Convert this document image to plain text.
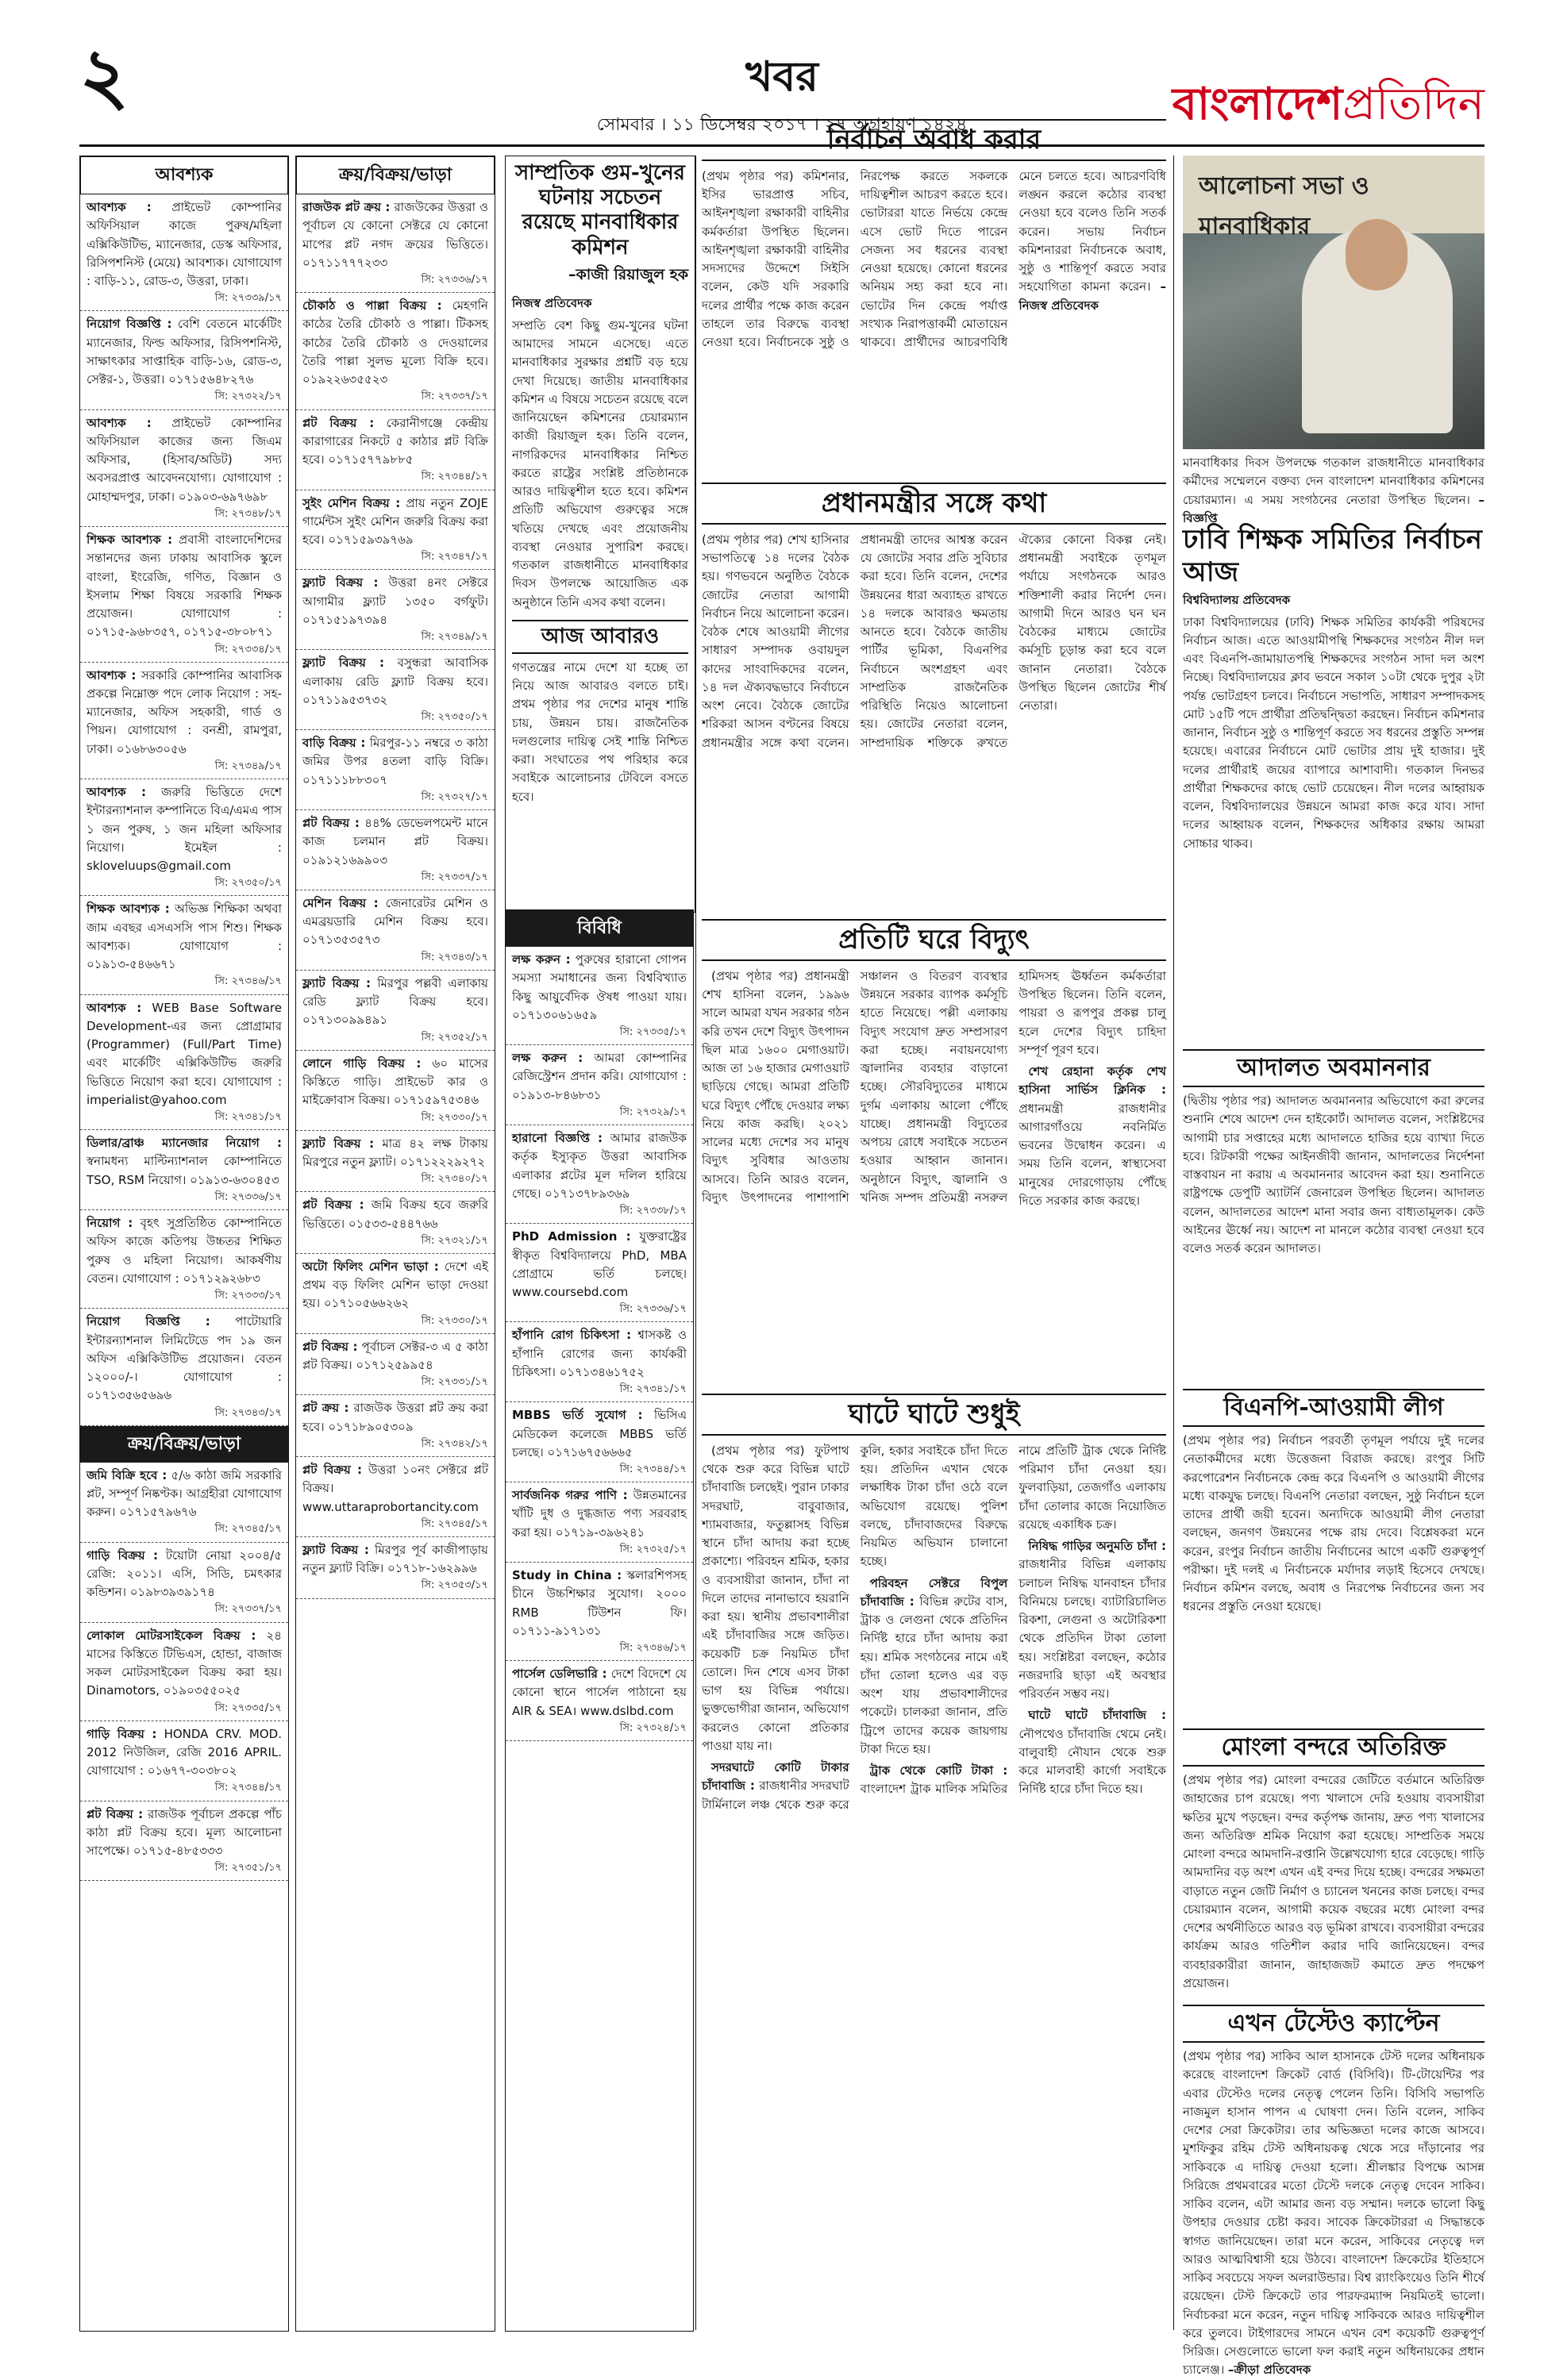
২	খবর
সোমবার । ১১ ডিসেম্বর ২০১৭ । ২৭ অগ্রহায়ণ ১৪২৪	বাংলাদেশপ্রতিদিন
আবশ্যক
আবশ্যক : প্রাইভেট কোম্পানির অফিসিয়াল কাজে পুরুষ/মহিলা এক্সিকিউটিভ, ম্যানেজার, ডেস্ক অফিসার, রিসিপশনিস্ট (মেয়ে) আবশ্যক। যোগাযোগ : বাড়ি-১১, রোড-৩, উত্তরা, ঢাকা।
সি: ২৭৩৩৯/১৭
নিয়োগ বিজ্ঞপ্তি : বেশি বেতনে মার্কেটিং ম্যানেজার, ফিল্ড অফিসার, রিসিপশনিস্ট, সাক্ষাৎকার সাপ্তাহিক বাড়ি-১৬, রোড-৩, সেক্টর-১, উত্তরা। ০১৭১৫৬৪৮২৭৬
সি: ২৭৩২২/১৭
আবশ্যক : প্রাইভেট কোম্পানির অফিসিয়াল কাজের জন্য জিএম অফিসার, (হিসাব/অডিট) সদ্য অবসরপ্রাপ্ত আবেদনযোগ্য। যোগাযোগ : মোহাম্মদপুর, ঢাকা। ০১৯০৩-৬৯৭৬৯৮
সি: ২৭৩৪৮/১৭
শিক্ষক আবশ্যক : প্রবাসী বাংলাদেশিদের সন্তানদের জন্য ঢাকায় আবাসিক স্কুলে বাংলা, ইংরেজি, গণিত, বিজ্ঞান ও ইসলাম শিক্ষা বিষয়ে সরকারি শিক্ষক প্রয়োজন। যোগাযোগ : ০১৭১৫-৯৬৮৩৫৭, ০১৭১৫-৩৮০৮৭১
সি: ২৭৩৩৪/১৭
আবশ্যক : সরকারি কোম্পানির আবাসিক প্রকল্পে নিম্নোক্ত পদে লোক নিয়োগ : সহ-ম্যানেজার, অফিস সহকারী, গার্ড ও পিয়ন। যোগাযোগ : বনশ্রী, রামপুরা, ঢাকা। ০১৬৮৬৩০৫৬
সি: ২৭৩৪৯/১৭
আবশ্যক : জরুরি ভিত্তিতে দেশে ইন্টারন্যাশনাল কম্পানিতে বিএ/এমএ পাস ১ জন পুরুষ, ১ জন মহিলা অফিসার নিয়োগ। ইমেইল : skloveluups@gmail.com
সি: ২৭৩৫০/১৭
শিক্ষক আবশ্যক : অভিজ্ঞ শিক্ষিকা অথবা জাম এবছর এসএসসি পাস শিশু। শিক্ষক আবশ্যক। যোগাযোগ : ০১৯১৩-৫৪৬৬৭১
সি: ২৭৩৪৬/১৭
আবশ্যক : WEB Base Software Development-এর জন্য প্রোগ্রামার (Programmer) (Full/Part Time) এবং মার্কেটিং এক্সিকিউটিভ জরুরি ভিত্তিতে নিয়োগ করা হবে। যোগাযোগ : imperialist@yahoo.com
সি: ২৭৩৪১/১৭
ডিলার/ব্রাঞ্চ ম্যানেজার নিয়োগ : স্বনামধন্য মাল্টিন্যাশনাল কোম্পানিতে TSO, RSM নিয়োগ। ০১৯১৩-৬৩০৪৫৩
সি: ২৭৩৩৬/১৭
নিয়োগ : বৃহৎ সুপ্রতিষ্ঠিত কোম্পানিতে অফিস কাজে কতিপয় উচ্চতর শিক্ষিত পুরুষ ও মহিলা নিয়োগ। আকর্ষণীয় বেতন। যোগাযোগ : ০১৭১২৯২৬৮৩
সি: ২৭৩৩৩/১৭
নিয়োগ বিজ্ঞপ্তি : পাটোয়ারি ইন্টারন্যাশনাল লিমিটেডে পদ ১৯ জন অফিস এক্সিকিউটিভ প্রয়োজন। বেতন ১২০০০/-। যোগাযোগ : ০১৭১৩৫৬৫৬৯৬
সি: ২৭৩৪৩/১৭
ক্রয়/বিক্রয়/ভাড়া
জমি বিক্রি হবে : ৫/৬ কাঠা জমি সরকারি প্লট, সম্পূর্ণ নিষ্কণ্টক। আগ্রহীরা যোগাযোগ করুন। ০১৭১৫৭৯৬৭৬
সি: ২৭৩৪৫/১৭
গাড়ি বিক্রয় : টয়োটা নোয়া ২০০৪/৫ রেজি: ২০১১। এসি, সিডি, চমৎকার কন্ডিশন। ০১৯৮৩৯৩৯১৭৪
সি: ২৭৩৩৭/১৭
লোকাল মোটরসাইকেল বিক্রয় : ২৪ মাসের কিস্তিতে টিভিএস, হোন্ডা, বাজাজ সকল মোটরসাইকেল বিক্রয় করা হয়। Dinamotors, ০১৯০৩৫৫০২৫
সি: ২৭৩৩৫/১৭
গাড়ি বিক্রয় : HONDA CRV. MOD. 2012 নিউজিল, রেজি 2016 APRIL. যোগাযোগ : ০১৬৭৭-৩০৩৮০২
সি: ২৭৩৪৪/১৭
প্লট বিক্রয় : রাজউক পূর্বাচল প্রকল্পে পাঁচ কাঠা প্লট বিক্রয় হবে। মূল্য আলোচনা সাপেক্ষে। ০১৭১৫-৪৮৫৩৩৩
সি: ২৭৩৫১/১৭
ক্রয়/বিক্রয়/ভাড়া
রাজউক প্লট ক্রয় : রাজউকের উত্তরা ও পূর্বাচল যে কোনো সেক্টরে যে কোনো মাপের প্লট নগদ ক্রয়ের ভিত্তিতে। ০১৭১১৭৭৭২৩৩
সি: ২৭৩৩৬/১৭
চৌকাঠ ও পাল্লা বিক্রয় : মেহগনি কাঠের তৈরি চৌকাঠ ও পাল্লা। টিকসহ কাঠের তৈরি চৌকাঠ ও দেওয়ালের তৈরি পাল্লা সুলভ মূল্যে বিক্রি হবে। ০১৯২২৬৩৫৫২৩
সি: ২৭৩৩৭/১৭
প্লট বিক্রয় : কেরানীগঞ্জে কেন্দ্রীয় কারাগারের নিকটে ৫ কাঠার প্লট বিক্রি হবে। ০১৭১৫৭৭৯৮৮৫
সি: ২৭৩৪৪/১৭
সুইং মেশিন বিক্রয় : প্রায় নতুন ZOJE গার্মেন্টস সুইং মেশিন জরুরি বিক্রয় করা হবে। ০১৭১৫৯৩৯৭৬৯
সি: ২৭৩৪৭/১৭
ফ্ল্যাট বিক্রয় : উত্তরা ৪নং সেক্টরে আগামীর ফ্ল্যাট ১৩৫০ বর্গফুট। ০১৭১৫১৯৭৩৯৪
সি: ২৭৩৪৯/১৭
ফ্ল্যাট বিক্রয় : বসুন্ধরা আবাসিক এলাকায় রেডি ফ্ল্যাট বিক্রয় হবে। ০১৭১১৯৫৩৭৩২
সি: ২৭৩৫০/১৭
বাড়ি বিক্রয় : মিরপুর-১১ নম্বরে ৩ কাঠা জমির উপর ৪তলা বাড়ি বিক্রি। ০১৭১১১৮৮৩০৭
সি: ২৭৩২৭/১৭
প্লট বিক্রয় : ৪৪% ডেভেলপমেন্ট মানে কাজ চলমান প্লট বিক্রয়। ০১৯১২১৬৯৯০৩
সি: ২৭৩৩৭/১৭
মেশিন বিক্রয় : জেনারেটর মেশিন ও এমব্রয়ডারি মেশিন বিক্রয় হবে। ০১৭১৩৫৩৫৭৩
সি: ২৭৩৪৩/১৭
ফ্ল্যাট বিক্রয় : মিরপুর পল্লবী এলাকায় রেডি ফ্ল্যাট বিক্রয় হবে। ০১৭১৩০৯৯৪৯১
সি: ২৭৩৫২/১৭
লোনে গাড়ি বিক্রয় : ৬০ মাসের কিস্তিতে গাড়ি। প্রাইভেট কার ও মাইক্রোবাস বিক্রয়। ০১৭১৫৯৭৫৩৪৬
সি: ২৭৩৩০/১৭
ফ্ল্যাট বিক্রয় : মাত্র ৪২ লক্ষ টাকায় মিরপুরে নতুন ফ্ল্যাট। ০১৭১২২২৯২৭২
সি: ২৭৩৪০/১৭
প্লট বিক্রয় : জমি বিক্রয় হবে জরুরি ভিত্তিতে। ০১৫৩৩-৫৪৪৭৬৬
সি: ২৭৩২১/১৭
অটো ফিলিং মেশিন ভাড়া : দেশে এই প্রথম বড় ফিলিং মেশিন ভাড়া দেওয়া হয়। ০১৭১০৫৬৬২৬২
সি: ২৭৩৩০/১৭
প্লট বিক্রয় : পূর্বাচল সেক্টর-৩ এ ৫ কাঠা প্লট বিক্রয়। ০১৭১২৫৯৯৫৪
সি: ২৭৩৩১/১৭
প্লট ক্রয় : রাজউক উত্তরা প্লট ক্রয় করা হবে। ০১৭১৮৯০৫৩০৯
সি: ২৭৩৪২/১৭
প্লট বিক্রয় : উত্তরা ১০নং সেক্টরে প্লট বিক্রয়। www.uttaraprobortancity.com
সি: ২৭৩৪৫/১৭
ফ্ল্যাট বিক্রয় : মিরপুর পূর্ব কাজীপাড়ায় নতুন ফ্ল্যাট বিক্রি। ০১৭১৮-১৬২৯৯৬
সি: ২৭৩৫৩/১৭
সাম্প্রতিক গুম-খুনের ঘটনায় সচেতন রয়েছে মানবাধিকার কমিশন
–কাজী রিয়াজুল হক
নিজস্ব প্রতিবেদক
সম্প্রতি বেশ কিছু গুম-খুনের ঘটনা আমাদের সামনে এসেছে। এতে মানবাধিকার সুরক্ষার প্রশ্নটি বড় হয়ে দেখা দিয়েছে। জাতীয় মানবাধিকার কমিশন এ বিষয়ে সচেতন রয়েছে বলে জানিয়েছেন কমিশনের চেয়ারম্যান কাজী রিয়াজুল হক। তিনি বলেন, নাগরিকদের মানবাধিকার নিশ্চিত করতে রাষ্ট্রের সংশ্লিষ্ট প্রতিষ্ঠানকে আরও দায়িত্বশীল হতে হবে। কমিশন প্রতিটি অভিযোগ গুরুত্বের সঙ্গে খতিয়ে দেখছে এবং প্রয়োজনীয় ব্যবস্থা নেওয়ার সুপারিশ করছে। গতকাল রাজধানীতে মানবাধিকার দিবস উপলক্ষে আয়োজিত এক অনুষ্ঠানে তিনি এসব কথা বলেন।
আজ আবারও
গণতন্ত্রের নামে দেশে যা হচ্ছে তা নিয়ে আজ আবারও বলতে চাই। প্রথম পৃষ্ঠার পর দেশের মানুষ শান্তি চায়, উন্নয়ন চায়। রাজনৈতিক দলগুলোর দায়িত্ব সেই শান্তি নিশ্চিত করা। সংঘাতের পথ পরিহার করে সবাইকে আলোচনার টেবিলে বসতে হবে।
বিবিধি
লক্ষ করুন : পুরুষের হারানো গোপন সমস্যা সমাধানের জন্য বিশ্ববিখ্যাত কিছু আয়ুর্বেদিক ঔষধ পাওয়া যায়। ০১৭১৩০৬১৬৫৯
সি: ২৭৩৩৫/১৭
লক্ষ করুন : আমরা কোম্পানির রেজিস্ট্রেশন প্রদান করি। যোগাযোগ : ০১৯১৩-৮৪৬৮৩১
সি: ২৭৩২৯/১৭
হারানো বিজ্ঞপ্তি : আমার রাজউক কর্তৃক ইস্যুকৃত উত্তরা আবাসিক এলাকার প্লটের মূল দলিল হারিয়ে গেছে। ০১৭১৩৭৮৯৩৬৯
সি: ২৭৩৩৮/১৭
PhD Admission : যুক্তরাষ্ট্রের স্বীকৃত বিশ্ববিদ্যালয়ে PhD, MBA প্রোগ্রামে ভর্তি চলছে। www.coursebd.com
সি: ২৭৩৩৬/১৭
হাঁপানি রোগ চিকিৎসা : শ্বাসকষ্ট ও হাঁপানি রোগের জন্য কার্যকরী চিকিৎসা। ০১৭১৩৪৬১৭৫২
সি: ২৭৩৪১/১৭
MBBS ভর্তি সুযোগ : ভিসিএ মেডিকেল কলেজে MBBS ভর্তি চলছে। ০১৭১৬৭৫৬৬৬৫
সি: ২৭৩৪৪/১৭
সার্বজনিক গরুর পাণি : উন্নতমানের খাঁটি দুধ ও দুগ্ধজাত পণ্য সরবরাহ করা হয়। ০১৭১৯-৩৯৬২৪১
সি: ২৭৩২৫/১৭
Study in China : স্কলারশিপসহ চীনে উচ্চশিক্ষার সুযোগ। ২০০০ RMB টিউশন ফি। ০১৭১১-৯১৭১৩১
সি: ২৭৩৪৬/১৭
পার্সেল ডেলিভারি : দেশে বিদেশে যে কোনো স্থানে পার্সেল পাঠানো হয় AIR & SEA। www.dslbd.com
সি: ২৭৩২৪/১৭
নির্বাচন অবাধ করার
(প্রথম পৃষ্ঠার পর) কমিশনার, ইসির ভারপ্রাপ্ত সচিব, আইনশৃঙ্খলা রক্ষাকারী বাহিনীর কর্মকর্তারা উপস্থিত ছিলেন। আইনশৃঙ্খলা রক্ষাকারী বাহিনীর সদস্যদের উদ্দেশে সিইসি বলেন, কেউ যদি সরকারি দলের প্রার্থীর পক্ষে কাজ করেন তাহলে তার বিরুদ্ধে ব্যবস্থা নেওয়া হবে। নির্বাচনকে সুষ্ঠু ও নিরপেক্ষ করতে সকলকে দায়িত্বশীল আচরণ করতে হবে। ভোটাররা যাতে নির্ভয়ে কেন্দ্রে এসে ভোট দিতে পারেন সেজন্য সব ধরনের ব্যবস্থা নেওয়া হয়েছে। কোনো ধরনের অনিয়ম সহ্য করা হবে না। ভোটের দিন কেন্দ্রে পর্যাপ্ত সংখ্যক নিরাপত্তাকর্মী মোতায়েন থাকবে। প্রার্থীদের আচরণবিধি মেনে চলতে হবে। আচরণবিধি লঙ্ঘন করলে কঠোর ব্যবস্থা নেওয়া হবে বলেও তিনি সতর্ক করেন। সভায় নির্বাচন কমিশনাররা নির্বাচনকে অবাধ, সুষ্ঠু ও শান্তিপূর্ণ করতে সবার সহযোগিতা কামনা করেন। –নিজস্ব প্রতিবেদক
প্রধানমন্ত্রীর সঙ্গে কথা
(প্রথম পৃষ্ঠার পর) শেখ হাসিনার সভাপতিত্বে ১৪ দলের বৈঠক হয়। গণভবনে অনুষ্ঠিত বৈঠকে জোটের নেতারা আগামী নির্বাচন নিয়ে আলোচনা করেন। বৈঠক শেষে আওয়ামী লীগের সাধারণ সম্পাদক ওবায়দুল কাদের সাংবাদিকদের বলেন, ১৪ দল ঐক্যবদ্ধভাবে নির্বাচনে অংশ নেবে। বৈঠকে জোটের শরিকরা আসন বণ্টনের বিষয়ে প্রধানমন্ত্রীর সঙ্গে কথা বলেন। প্রধানমন্ত্রী তাদের আশ্বস্ত করেন যে জোটের সবার প্রতি সুবিচার করা হবে। তিনি বলেন, দেশের উন্নয়নের ধারা অব্যাহত রাখতে ১৪ দলকে আবারও ক্ষমতায় আনতে হবে। বৈঠকে জাতীয় পার্টির ভূমিকা, বিএনপির নির্বাচনে অংশগ্রহণ এবং সাম্প্রতিক রাজনৈতিক পরিস্থিতি নিয়েও আলোচনা হয়। জোটের নেতারা বলেন, সাম্প্রদায়িক শক্তিকে রুখতে ঐক্যের কোনো বিকল্প নেই। প্রধানমন্ত্রী সবাইকে তৃণমূল পর্যায়ে সংগঠনকে আরও শক্তিশালী করার নির্দেশ দেন। আগামী দিনে আরও ঘন ঘন বৈঠকের মাধ্যমে জোটের কর্মসূচি চূড়ান্ত করা হবে বলে জানান নেতারা। বৈঠকে উপস্থিত ছিলেন জোটের শীর্ষ নেতারা।
প্রতিটি ঘরে বিদ্যুৎ

(প্রথম পৃষ্ঠার পর) প্রধানমন্ত্রী শেখ হাসিনা বলেন, ১৯৯৬ সালে আমরা যখন সরকার গঠন করি তখন দেশে বিদ্যুৎ উৎপাদন ছিল মাত্র ১৬০০ মেগাওয়াট। আজ তা ১৬ হাজার মেগাওয়াট ছাড়িয়ে গেছে। আমরা প্রতিটি ঘরে বিদ্যুৎ পৌঁছে দেওয়ার লক্ষ্য নিয়ে কাজ করছি। ২০২১ সালের মধ্যে দেশের সব মানুষ বিদ্যুৎ সুবিধার আওতায় আসবে। তিনি আরও বলেন, বিদ্যুৎ উৎপাদনের পাশাপাশি সঞ্চালন ও বিতরণ ব্যবস্থার উন্নয়নে সরকার ব্যাপক কর্মসূচি হাতে নিয়েছে। পল্লী এলাকায় বিদ্যুৎ সংযোগ দ্রুত সম্প্রসারণ করা হচ্ছে। নবায়নযোগ্য জ্বালানির ব্যবহার বাড়ানো হচ্ছে। সৌরবিদ্যুতের মাধ্যমে দুর্গম এলাকায় আলো পৌঁছে যাচ্ছে। প্রধানমন্ত্রী বিদ্যুতের অপচয় রোধে সবাইকে সচেতন হওয়ার আহ্বান জানান। অনুষ্ঠানে বিদ্যুৎ, জ্বালানি ও খনিজ সম্পদ প্রতিমন্ত্রী নসরুল হামিদসহ ঊর্ধ্বতন কর্মকর্তারা উপস্থিত ছিলেন। তিনি বলেন, পায়রা ও রূপপুর প্রকল্প চালু হলে দেশের বিদ্যুৎ চাহিদা সম্পূর্ণ পূরণ হবে।

শেখ রেহানা কর্তৃক শেখ হাসিনা সার্ভিস ক্লিনিক : প্রধানমন্ত্রী রাজধানীর আগারগাঁওয়ে নবনির্মিত ভবনের উদ্বোধন করেন। এ সময় তিনি বলেন, স্বাস্থ্যসেবা মানুষের দোরগোড়ায় পৌঁছে দিতে সরকার কাজ করছে।

ঘাটে ঘাটে শুধুই

(প্রথম পৃষ্ঠার পর) ফুটপাথ থেকে শুরু করে বিভিন্ন ঘাটে চাঁদাবাজি চলছেই। পুরান ঢাকার সদরঘাট, বাবুবাজার, শ্যামবাজার, ফতুল্লাসহ বিভিন্ন স্থানে চাঁদা আদায় করা হচ্ছে প্রকাশ্যে। পরিবহন শ্রমিক, হকার ও ব্যবসায়ীরা জানান, চাঁদা না দিলে তাদের নানাভাবে হয়রানি করা হয়। স্থানীয় প্রভাবশালীরা এই চাঁদাবাজির সঙ্গে জড়িত। কয়েকটি চক্র নিয়মিত চাঁদা তোলে। দিন শেষে এসব টাকা ভাগ হয় বিভিন্ন পর্যায়ে। ভুক্তভোগীরা জানান, অভিযোগ করলেও কোনো প্রতিকার পাওয়া যায় না।

সদরঘাটে কোটি টাকার চাঁদাবাজি : রাজধানীর সদরঘাট টার্মিনালে লঞ্চ থেকে শুরু করে কুলি, হকার সবাইকে চাঁদা দিতে হয়। প্রতিদিন এখান থেকে লক্ষাধিক টাকা চাঁদা ওঠে বলে অভিযোগ রয়েছে। পুলিশ বলছে, চাঁদাবাজদের বিরুদ্ধে নিয়মিত অভিযান চালানো হচ্ছে।

পরিবহন সেক্টরে বিপুল চাঁদাবাজি : বিভিন্ন রুটের বাস, ট্রাক ও লেগুনা থেকে প্রতিদিন নির্দিষ্ট হারে চাঁদা আদায় করা হয়। শ্রমিক সংগঠনের নামে এই চাঁদা তোলা হলেও এর বড় অংশ যায় প্রভাবশালীদের পকেটে। চালকরা জানান, প্রতি ট্রিপে তাদের কয়েক জায়গায় টাকা দিতে হয়।

ট্রাক থেকে কোটি টাকা : বাংলাদেশ ট্রাক মালিক সমিতির নামে প্রতিটি ট্রাক থেকে নির্দিষ্ট পরিমাণ চাঁদা নেওয়া হয়। ফুলবাড়িয়া, তেজগাঁও এলাকায় চাঁদা তোলার কাজে নিয়োজিত রয়েছে একাধিক চক্র।

নিষিদ্ধ গাড়ির অনুমতি চাঁদা : রাজধানীর বিভিন্ন এলাকায় চলাচল নিষিদ্ধ যানবাহন চাঁদার বিনিময়ে চলছে। ব্যাটারিচালিত রিকশা, লেগুনা ও অটোরিকশা থেকে প্রতিদিন টাকা তোলা হয়। সংশ্লিষ্টরা বলছেন, কঠোর নজরদারি ছাড়া এই অবস্থার পরিবর্তন সম্ভব নয়।

ঘাটে ঘাটে চাঁদাবাজি : নৌপথেও চাঁদাবাজি থেমে নেই। বালুবাহী নৌযান থেকে শুরু করে মালবাহী কার্গো সবাইকে নির্দিষ্ট হারে চাঁদা দিতে হয়।

আলোচনা সভা ও মানবাধিকার
মানবাধিকার দিবস উপলক্ষে গতকাল রাজধানীতে মানবাধিকার কর্মীদের সম্মেলনে বক্তব্য দেন বাংলাদেশ মানবাধিকার কমিশনের চেয়ারম্যান। এ সময় সংগঠনের নেতারা উপস্থিত ছিলেন। –বিজ্ঞপ্তি
ঢাবি শিক্ষক সমিতির নির্বাচন আজ
বিশ্ববিদ্যালয় প্রতিবেদক
ঢাকা বিশ্ববিদ্যালয়ের (ঢাবি) শিক্ষক সমিতির কার্যকরী পরিষদের নির্বাচন আজ। এতে আওয়ামীপন্থি শিক্ষকদের সংগঠন নীল দল এবং বিএনপি-জামায়াতপন্থি শিক্ষকদের সংগঠন সাদা দল অংশ নিচ্ছে। বিশ্ববিদ্যালয়ের ক্লাব ভবনে সকাল ১০টা থেকে দুপুর ২টা পর্যন্ত ভোটগ্রহণ চলবে। নির্বাচনে সভাপতি, সাধারণ সম্পাদকসহ মোট ১৫টি পদে প্রার্থীরা প্রতিদ্বন্দ্বিতা করছেন। নির্বাচন কমিশনার জানান, নির্বাচন সুষ্ঠু ও শান্তিপূর্ণ করতে সব ধরনের প্রস্তুতি সম্পন্ন হয়েছে। এবারের নির্বাচনে মোট ভোটার প্রায় দুই হাজার। দুই দলের প্রার্থীরাই জয়ের ব্যাপারে আশাবাদী। গতকাল দিনভর প্রার্থীরা শিক্ষকদের কাছে ভোট চেয়েছেন। নীল দলের আহ্বায়ক বলেন, বিশ্ববিদ্যালয়ের উন্নয়নে আমরা কাজ করে যাব। সাদা দলের আহ্বায়ক বলেন, শিক্ষকদের অধিকার রক্ষায় আমরা সোচ্চার থাকব।
আদালত অবমাননার
(দ্বিতীয় পৃষ্ঠার পর) আদালত অবমাননার অভিযোগে করা রুলের শুনানি শেষে আদেশ দেন হাইকোর্ট। আদালত বলেন, সংশ্লিষ্টদের আগামী চার সপ্তাহের মধ্যে আদালতে হাজির হয়ে ব্যাখ্যা দিতে হবে। রিটকারী পক্ষের আইনজীবী জানান, আদালতের নির্দেশনা বাস্তবায়ন না করায় এ অবমাননার আবেদন করা হয়। শুনানিতে রাষ্ট্রপক্ষে ডেপুটি অ্যাটর্নি জেনারেল উপস্থিত ছিলেন। আদালত বলেন, আদালতের আদেশ মানা সবার জন্য বাধ্যতামূলক। কেউ আইনের ঊর্ধ্বে নয়। আদেশ না মানলে কঠোর ব্যবস্থা নেওয়া হবে বলেও সতর্ক করেন আদালত।
বিএনপি-আওয়ামী লীগ
(প্রথম পৃষ্ঠার পর) নির্বাচন পরবর্তী তৃণমূল পর্যায়ে দুই দলের নেতাকর্মীদের মধ্যে উত্তেজনা বিরাজ করছে। রংপুর সিটি করপোরেশন নির্বাচনকে কেন্দ্র করে বিএনপি ও আওয়ামী লীগের মধ্যে বাকযুদ্ধ চলছে। বিএনপি নেতারা বলছেন, সুষ্ঠু নির্বাচন হলে তাদের প্রার্থী জয়ী হবেন। অন্যদিকে আওয়ামী লীগ নেতারা বলছেন, জনগণ উন্নয়নের পক্ষে রায় দেবে। বিশ্লেষকরা মনে করেন, রংপুর নির্বাচন জাতীয় নির্বাচনের আগে একটি গুরুত্বপূর্ণ পরীক্ষা। দুই দলই এ নির্বাচনকে মর্যাদার লড়াই হিসেবে দেখছে। নির্বাচন কমিশন বলছে, অবাধ ও নিরপেক্ষ নির্বাচনের জন্য সব ধরনের প্রস্তুতি নেওয়া হয়েছে।
মোংলা বন্দরে অতিরিক্ত
(প্রথম পৃষ্ঠার পর) মোংলা বন্দরের জেটিতে বর্তমানে অতিরিক্ত জাহাজের চাপ রয়েছে। পণ্য খালাসে দেরি হওয়ায় ব্যবসায়ীরা ক্ষতির মুখে পড়ছেন। বন্দর কর্তৃপক্ষ জানায়, দ্রুত পণ্য খালাসের জন্য অতিরিক্ত শ্রমিক নিয়োগ করা হয়েছে। সাম্প্রতিক সময়ে মোংলা বন্দরে আমদানি-রপ্তানি উল্লেখযোগ্য হারে বেড়েছে। গাড়ি আমদানির বড় অংশ এখন এই বন্দর দিয়ে হচ্ছে। বন্দরের সক্ষমতা বাড়াতে নতুন জেটি নির্মাণ ও চ্যানেল খননের কাজ চলছে। বন্দর চেয়ারম্যান বলেন, আগামী কয়েক বছরের মধ্যে মোংলা বন্দর দেশের অর্থনীতিতে আরও বড় ভূমিকা রাখবে। ব্যবসায়ীরা বন্দরের কার্যক্রম আরও গতিশীল করার দাবি জানিয়েছেন। বন্দর ব্যবহারকারীরা জানান, জাহাজজট কমাতে দ্রুত পদক্ষেপ প্রয়োজন।
এখন টেস্টেও ক্যাপ্টেন
(প্রথম পৃষ্ঠার পর) সাকিব আল হাসানকে টেস্ট দলের অধিনায়ক করেছে বাংলাদেশ ক্রিকেট বোর্ড (বিসিবি)। টি-টোয়েন্টির পর এবার টেস্টেও দলের নেতৃত্ব পেলেন তিনি। বিসিবি সভাপতি নাজমুল হাসান পাপন এ ঘোষণা দেন। তিনি বলেন, সাকিব দেশের সেরা ক্রিকেটার। তার অভিজ্ঞতা দলের কাজে আসবে। মুশফিকুর রহিম টেস্ট অধিনায়কত্ব থেকে সরে দাঁড়ানোর পর সাকিবকে এ দায়িত্ব দেওয়া হলো। শ্রীলঙ্কার বিপক্ষে আসন্ন সিরিজে প্রথমবারের মতো টেস্টে দলকে নেতৃত্ব দেবেন সাকিব। সাকিব বলেন, এটা আমার জন্য বড় সম্মান। দলকে ভালো কিছু উপহার দেওয়ার চেষ্টা করব। সাবেক ক্রিকেটাররা এ সিদ্ধান্তকে স্বাগত জানিয়েছেন। তারা মনে করেন, সাকিবের নেতৃত্বে দল আরও আত্মবিশ্বাসী হয়ে উঠবে। বাংলাদেশ ক্রিকেটের ইতিহাসে সাকিব সবচেয়ে সফল অলরাউন্ডার। বিশ্ব র‌্যাংকিংয়েও তিনি শীর্ষে রয়েছেন। টেস্ট ক্রিকেটে তার পারফরম্যান্স নিয়মিতই ভালো। নির্বাচকরা মনে করেন, নতুন দায়িত্ব সাকিবকে আরও দায়িত্বশীল করে তুলবে। টাইগারদের সামনে এখন বেশ কয়েকটি গুরুত্বপূর্ণ সিরিজ। সেগুলোতে ভালো ফল করাই নতুন অধিনায়কের প্রধান চ্যালেঞ্জ। –ক্রীড়া প্রতিবেদক
